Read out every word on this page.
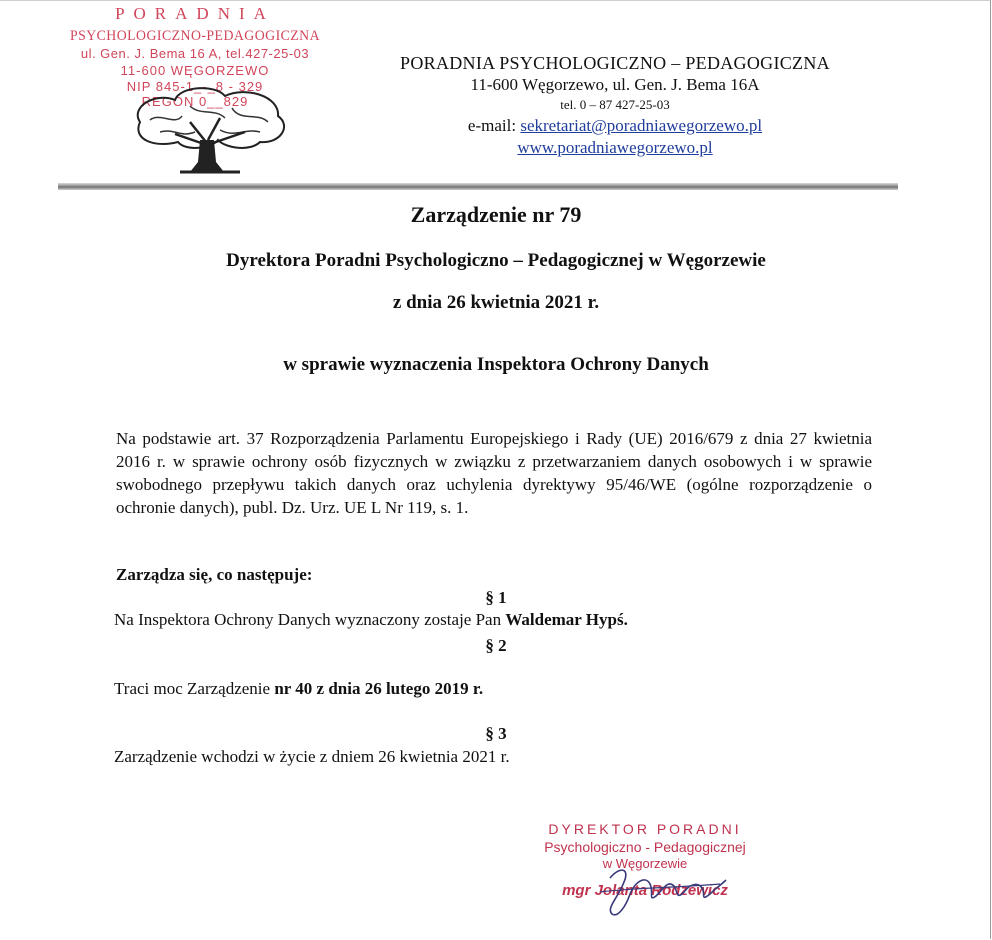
PORADNIA
PSYCHOLOGICZNO-PEDAGOGICZNA
ul. Gen. J. Bema 16 A, tel.427-25-03
11-600 WĘGORZEWO
NIP 845-1_-_8 - 329
REGON 0__829
PORADNIA PSYCHOLOGICZNO – PEDAGOGICZNA
11-600 Węgorzewo, ul. Gen. J. Bema 16A
tel. 0 – 87 427-25-03
e-mail: sekretariat@poradniawegorzewo.pl
www.poradniawegorzewo.pl
Zarządzenie nr 79
Dyrektora Poradni Psychologiczno – Pedagogicznej w Węgorzewie
z dnia 26 kwietnia 2021 r.
w sprawie wyznaczenia Inspektora Ochrony Danych
Na podstawie art. 37 Rozporządzenia Parlamentu Europejskiego i Rady (UE) 2016/679 z dnia 27 kwietnia 2016 r. w sprawie ochrony osób fizycznych w związku z przetwarzaniem danych osobowych i w sprawie swobodnego przepływu takich danych oraz uchylenia dyrektywy 95/46/WE (ogólne rozporządzenie o ochronie danych), publ. Dz. Urz. UE L Nr 119, s. 1.
Zarządza się, co następuje:
§ 1
Na Inspektora Ochrony Danych wyznaczony zostaje Pan Waldemar Hypś.
§ 2
Traci moc Zarządzenie nr 40 z dnia 26 lutego 2019 r.
§ 3
Zarządzenie wchodzi w życie z dniem 26 kwietnia 2021 r.
DYREKTOR PORADNI
Psychologiczno - Pedagogicznej
w Węgorzewie
mgr Jolanta Rodzewicz
